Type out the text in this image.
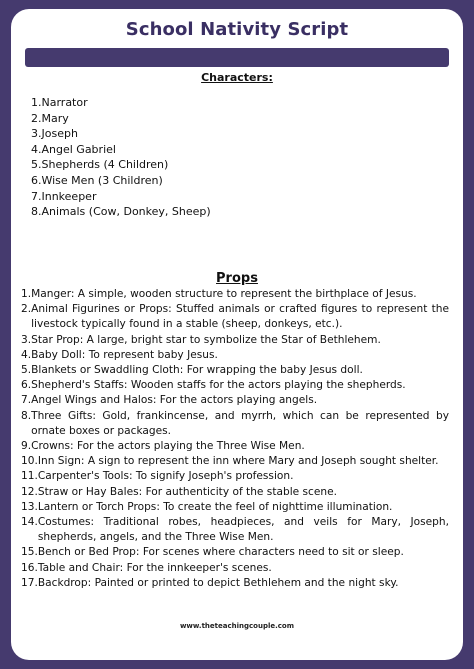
School Nativity Script
Characters:
1.Narrator
2.Mary
3.Joseph
4.Angel Gabriel
5.Shepherds (4 Children)
6.Wise Men (3 Children)
7.Innkeeper
8.Animals (Cow, Donkey, Sheep)
Props
1. Manger: A simple, wooden structure to represent the birthplace of Jesus.
2. Animal Figurines or Props: Stuffed animals or crafted figures to represent the livestock typically found in a stable (sheep, donkeys, etc.).
3. Star Prop: A large, bright star to symbolize the Star of Bethlehem.
4. Baby Doll: To represent baby Jesus.
5. Blankets or Swaddling Cloth: For wrapping the baby Jesus doll.
6. Shepherd's Staffs: Wooden staffs for the actors playing the shepherds.
7. Angel Wings and Halos: For the actors playing angels.
8. Three Gifts: Gold, frankincense, and myrrh, which can be represented by ornate boxes or packages.
9. Crowns: For the actors playing the Three Wise Men.
10. Inn Sign: A sign to represent the inn where Mary and Joseph sought shelter.
11. Carpenter's Tools: To signify Joseph's profession.
12. Straw or Hay Bales: For authenticity of the stable scene.
13. Lantern or Torch Props: To create the feel of nighttime illumination.
14. Costumes: Traditional robes, headpieces, and veils for Mary, Joseph, shepherds, angels, and the Three Wise Men.
15. Bench or Bed Prop: For scenes where characters need to sit or sleep.
16. Table and Chair: For the innkeeper's scenes.
17. Backdrop: Painted or printed to depict Bethlehem and the night sky.
www.theteachingcouple.com
